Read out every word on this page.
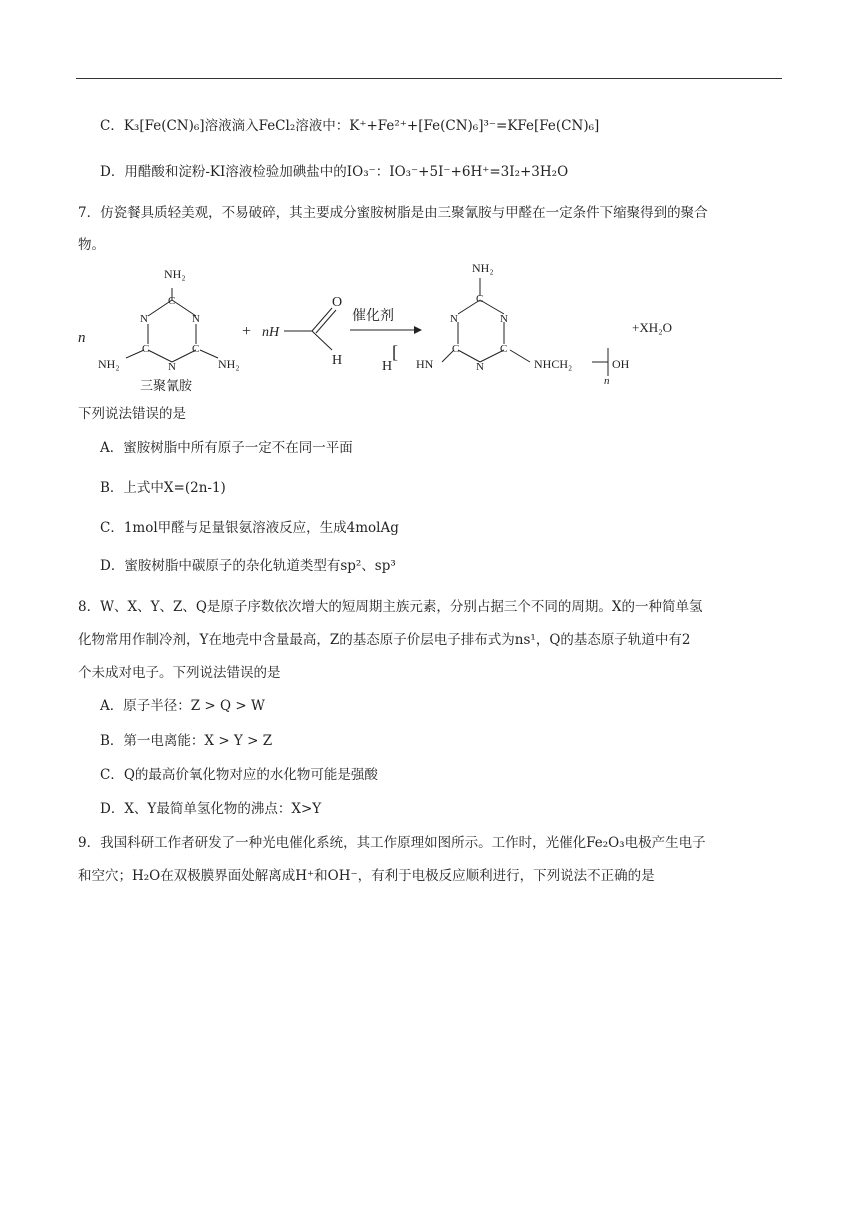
C．K₃[Fe(CN)₆]溶液滴入FeCl₂溶液中：K⁺+Fe²⁺+[Fe(CN)₆]³⁻=KFe[Fe(CN)₆]
D．用醋酸和淀粉-KI溶液检验加碘盐中的IO₃⁻：IO₃⁻+5I⁻+6H⁺=3I₂+3H₂O
7．仿瓷餐具质轻美观，不易破碎，其主要成分蜜胺树脂是由三聚氰胺与甲醛在一定条件下缩聚得到的聚合
物。
n
NH₂
C
N	N
C	C
N
NH₂	NH₂
三聚氰胺
+ nH
O
H
催化剂
H
[
HN
NH₂
C
N	N
C	C
N	NHCH₂	OH
n
+XH₂O
下列说法错误的是
A．蜜胺树脂中所有原子一定不在同一平面
B．上式中X=(2n-1)
C．1mol甲醛与足量银氨溶液反应，生成4molAg
D．蜜胺树脂中碳原子的杂化轨道类型有sp²、sp³
8．W、X、Y、Z、Q是原子序数依次增大的短周期主族元素，分别占据三个不同的周期。X的一种简单氢
化物常用作制冷剂，Y在地壳中含量最高，Z的基态原子价层电子排布式为ns¹，Q的基态原子轨道中有2
个未成对电子。下列说法错误的是
A．原子半径：Z > Q > W
B．第一电离能：X > Y > Z
C．Q的最高价氧化物对应的水化物可能是强酸
D．X、Y最简单氢化物的沸点：X>Y
9．我国科研工作者研发了一种光电催化系统，其工作原理如图所示。工作时，光催化Fe₂O₃电极产生电子
和空穴；H₂O在双极膜界面处解离成H⁺和OH⁻，有利于电极反应顺利进行，下列说法不正确的是
